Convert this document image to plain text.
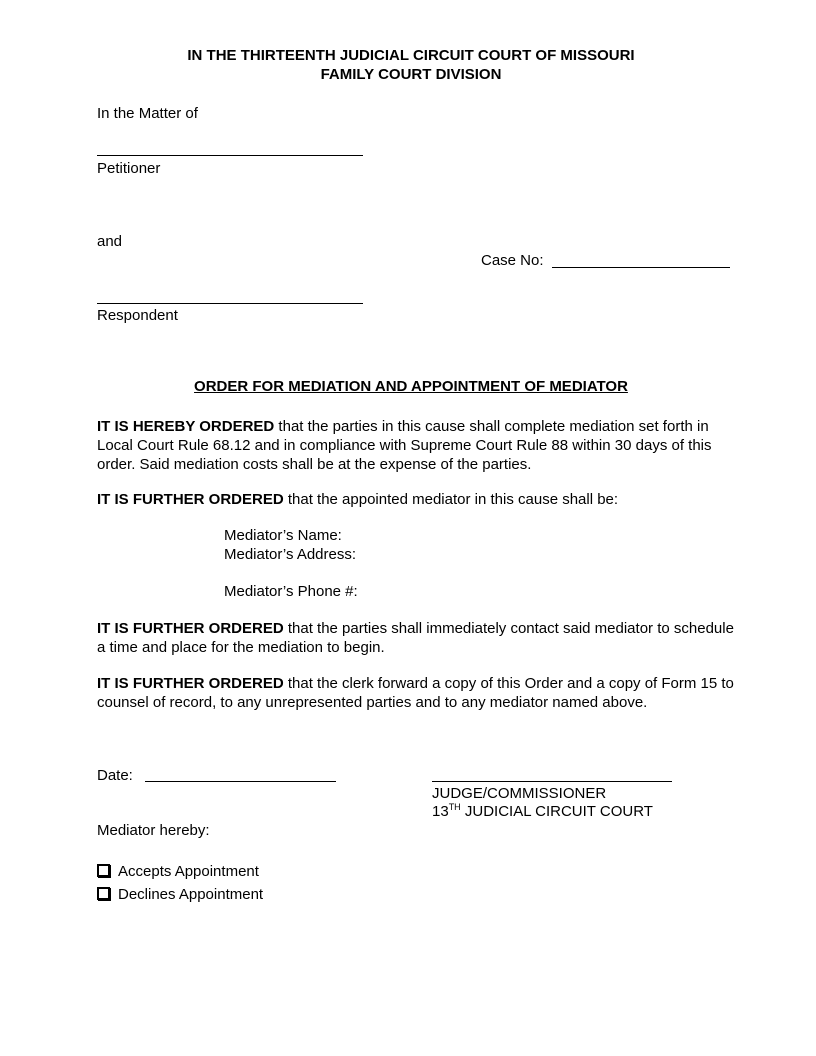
IN THE THIRTEENTH JUDICIAL CIRCUIT COURT OF MISSOURI
FAMILY COURT DIVISION
In the Matter of
Petitioner
and
Case No:
Respondent
ORDER FOR MEDIATION AND APPOINTMENT OF MEDIATOR
IT IS HEREBY ORDERED that the parties in this cause shall complete mediation set forth in Local Court Rule 68.12 and in compliance with Supreme Court Rule 88 within 30 days of this order. Said mediation costs shall be at the expense of the parties.
IT IS FURTHER ORDERED that the appointed mediator in this cause shall be:
Mediator’s Name:
Mediator’s Address:
Mediator’s Phone #:
IT IS FURTHER ORDERED that the parties shall immediately contact said mediator to schedule a time and place for the mediation to begin.
IT IS FURTHER ORDERED that the clerk forward a copy of this Order and a copy of Form 15 to counsel of record, to any unrepresented parties and to any mediator named above.
Date:
JUDGE/COMMISSIONER
13TH JUDICIAL CIRCUIT COURT
Mediator hereby:
Accepts Appointment
Declines Appointment
